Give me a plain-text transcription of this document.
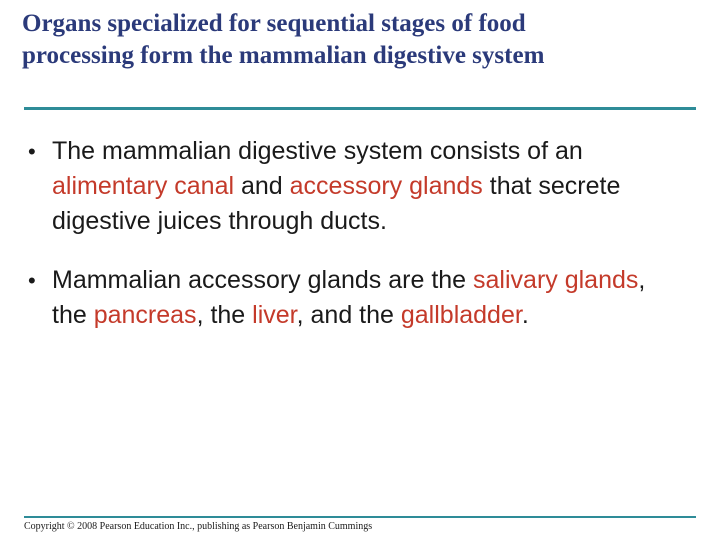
Organs specialized for sequential stages of food
processing form the mammalian digestive system
• The mammalian digestive system consists of an alimentary canal and accessory glands that secrete digestive juices through ducts.
• Mammalian accessory glands are the salivary glands, the pancreas, the liver, and the gallbladder.
Copyright © 2008 Pearson Education Inc., publishing as Pearson Benjamin Cummings
